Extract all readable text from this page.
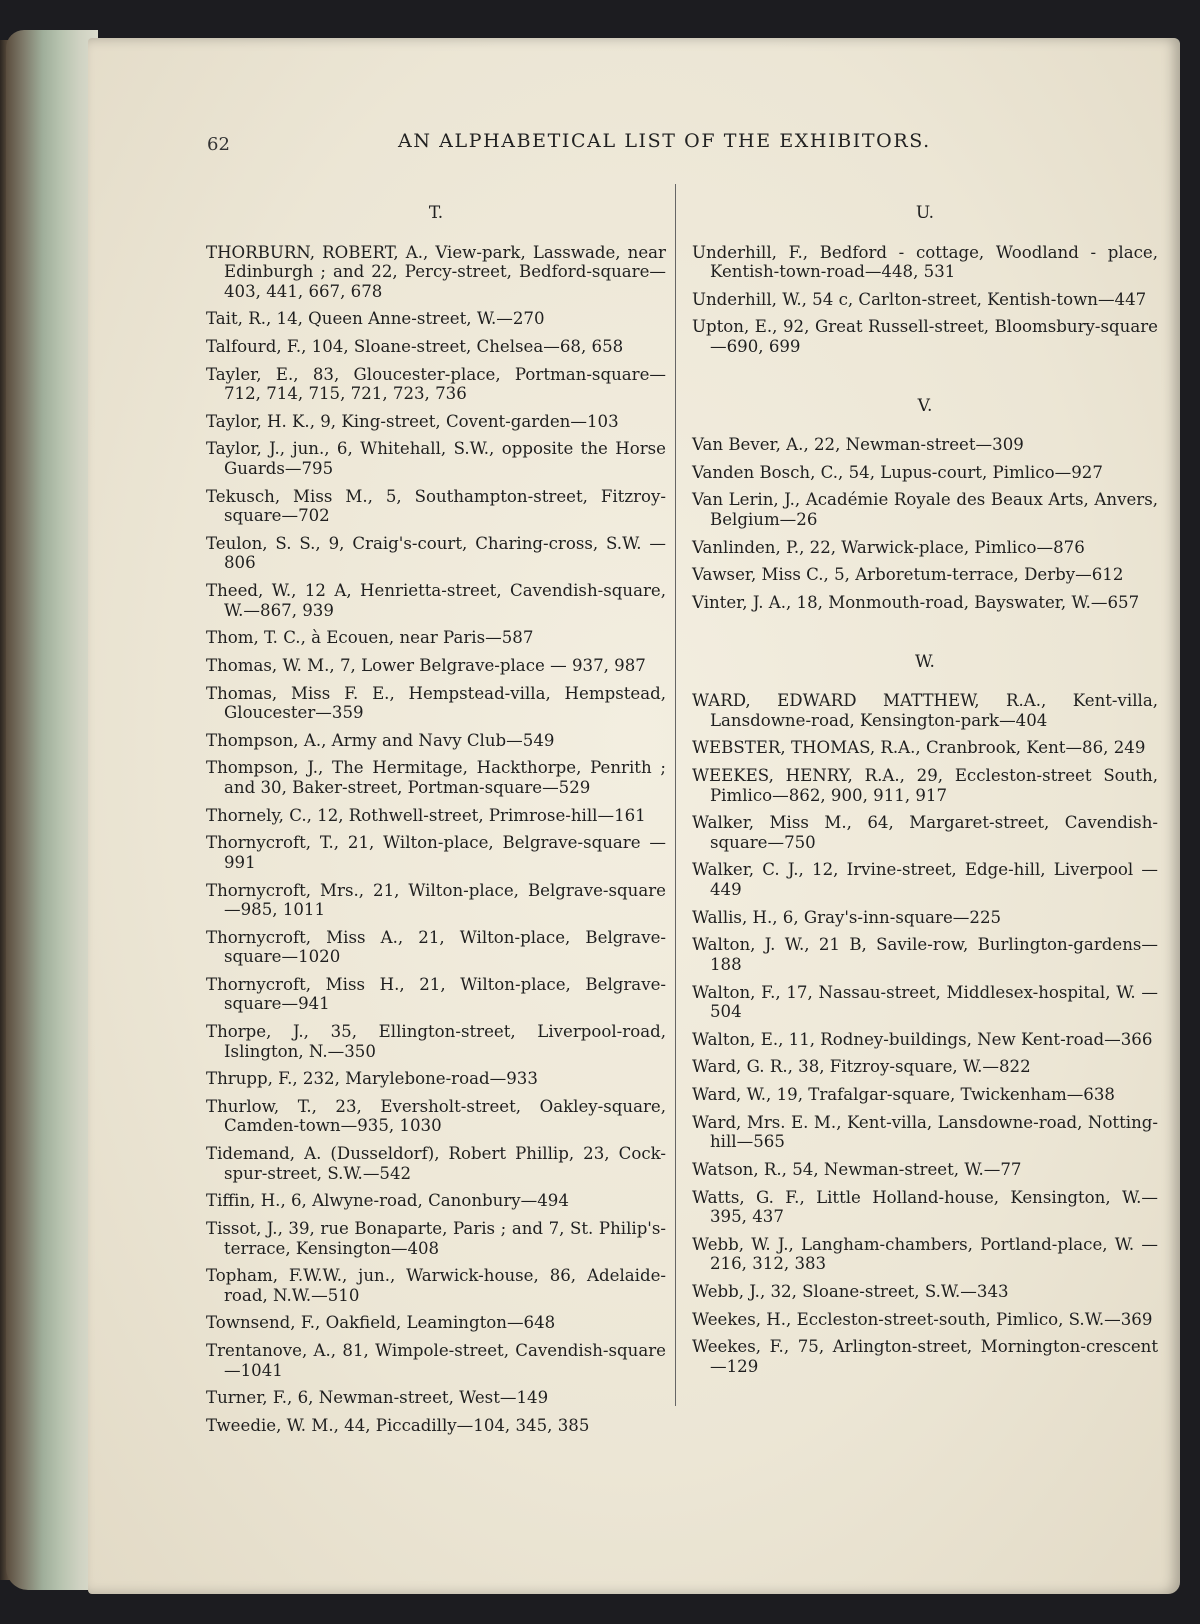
62	AN ALPHABETICAL LIST OF THE EXHIBITORS.
T.
THORBURN, ROBERT, A., View-park, Lasswade, near Edinburgh ; and 22, Percy-street, Bedford-square—403, 441, 667, 678
Tait, R., 14, Queen Anne-street, W.—270
Talfourd, F., 104, Sloane-street, Chelsea—68, 658
Tayler, E., 83, Gloucester-place, Portman-square—712, 714, 715, 721, 723, 736
Taylor, H. K., 9, King-street, Covent-garden—103
Taylor, J., jun., 6, Whitehall, S.W., opposite the Horse Guards—795
Tekusch, Miss M., 5, Southampton-street, Fitzroy-square—702
Teulon, S. S., 9, Craig's-court, Charing-cross, S.W. —806
Theed, W., 12 A, Henrietta-street, Cavendish-square, W.—867, 939
Thom, T. C., à Ecouen, near Paris—587
Thomas, W. M., 7, Lower Belgrave-place — 937, 987
Thomas, Miss F. E., Hempstead-villa, Hempstead, Gloucester—359
Thompson, A., Army and Navy Club—549
Thompson, J., The Hermitage, Hackthorpe, Penrith ; and 30, Baker-street, Portman-square—529
Thornely, C., 12, Rothwell-street, Primrose-hill—161
Thornycroft, T., 21, Wilton-place, Belgrave-square —991
Thornycroft, Mrs., 21, Wilton-place, Belgrave-square —985, 1011
Thornycroft, Miss A., 21, Wilton-place, Belgrave-square—1020
Thornycroft, Miss H., 21, Wilton-place, Belgrave-square—941
Thorpe, J., 35, Ellington-street, Liverpool-road, Islington, N.—350
Thrupp, F., 232, Marylebone-road—933
Thurlow, T., 23, Eversholt-street, Oakley-square, Camden-town—935, 1030
Tidemand, A. (Dusseldorf), Robert Phillip, 23, Cock-spur-street, S.W.—542
Tiffin, H., 6, Alwyne-road, Canonbury—494
Tissot, J., 39, rue Bonaparte, Paris ; and 7, St. Philip's-terrace, Kensington—408
Topham, F.W.W., jun., Warwick-house, 86, Adelaide-road, N.W.—510
Townsend, F., Oakfield, Leamington—648
Trentanove, A., 81, Wimpole-street, Cavendish-square —1041
Turner, F., 6, Newman-street, West—149
Tweedie, W. M., 44, Piccadilly—104, 345, 385
U.
Underhill, F., Bedford - cottage, Woodland - place, Kentish-town-road—448, 531
Underhill, W., 54 c, Carlton-street, Kentish-town—447
Upton, E., 92, Great Russell-street, Bloomsbury-square —690, 699
V.
Van Bever, A., 22, Newman-street—309
Vanden Bosch, C., 54, Lupus-court, Pimlico—927
Van Lerin, J., Académie Royale des Beaux Arts, Anvers, Belgium—26
Vanlinden, P., 22, Warwick-place, Pimlico—876
Vawser, Miss C., 5, Arboretum-terrace, Derby—612
Vinter, J. A., 18, Monmouth-road, Bayswater, W.—657
W.
WARD, EDWARD MATTHEW, R.A., Kent-villa, Lansdowne-road, Kensington-park—404
WEBSTER, THOMAS, R.A., Cranbrook, Kent—86, 249
WEEKES, HENRY, R.A., 29, Eccleston-street South, Pimlico—862, 900, 911, 917
Walker, Miss M., 64, Margaret-street, Cavendish-square—750
Walker, C. J., 12, Irvine-street, Edge-hill, Liverpool —449
Wallis, H., 6, Gray's-inn-square—225
Walton, J. W., 21 B, Savile-row, Burlington-gardens—188
Walton, F., 17, Nassau-street, Middlesex-hospital, W. —504
Walton, E., 11, Rodney-buildings, New Kent-road—366
Ward, G. R., 38, Fitzroy-square, W.—822
Ward, W., 19, Trafalgar-square, Twickenham—638
Ward, Mrs. E. M., Kent-villa, Lansdowne-road, Notting-hill—565
Watson, R., 54, Newman-street, W.—77
Watts, G. F., Little Holland-house, Kensington, W.—395, 437
Webb, W. J., Langham-chambers, Portland-place, W. —216, 312, 383
Webb, J., 32, Sloane-street, S.W.—343
Weekes, H., Eccleston-street-south, Pimlico, S.W.—369
Weekes, F., 75, Arlington-street, Mornington-crescent —129
